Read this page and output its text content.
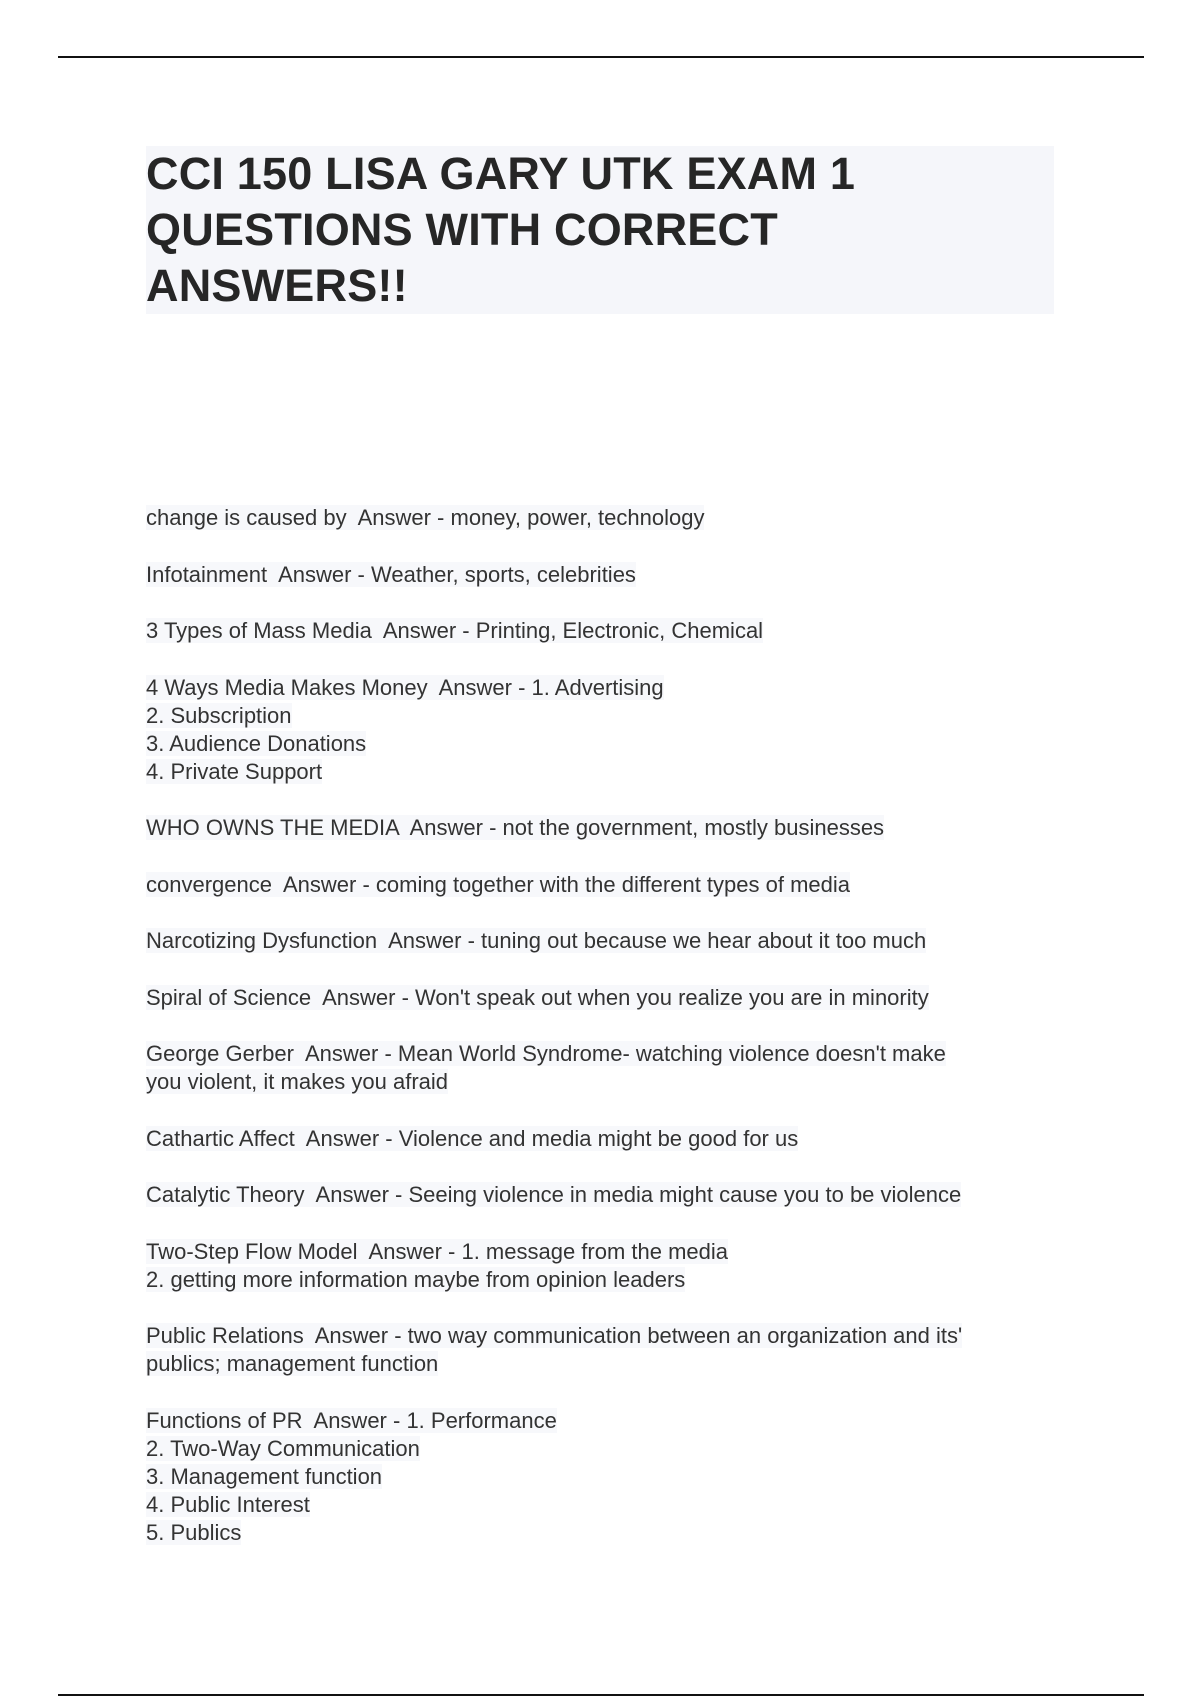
CCI 150 LISA GARY UTK EXAM 1
QUESTIONS WITH CORRECT
ANSWERS!!
change is caused by  Answer - money, power, technology
Infotainment  Answer - Weather, sports, celebrities
3 Types of Mass Media  Answer - Printing, Electronic, Chemical
4 Ways Media Makes Money  Answer - 1. Advertising
2. Subscription
3. Audience Donations
4. Private Support
WHO OWNS THE MEDIA  Answer - not the government, mostly businesses
convergence  Answer - coming together with the different types of media
Narcotizing Dysfunction  Answer - tuning out because we hear about it too much
Spiral of Science  Answer - Won't speak out when you realize you are in minority
George Gerber  Answer - Mean World Syndrome- watching violence doesn't make
you violent, it makes you afraid
Cathartic Affect  Answer - Violence and media might be good for us
Catalytic Theory  Answer - Seeing violence in media might cause you to be violence
Two-Step Flow Model  Answer - 1. message from the media
2. getting more information maybe from opinion leaders
Public Relations  Answer - two way communication between an organization and its'
publics; management function
Functions of PR  Answer - 1. Performance
2. Two-Way Communication
3. Management function
4. Public Interest
5. Publics
